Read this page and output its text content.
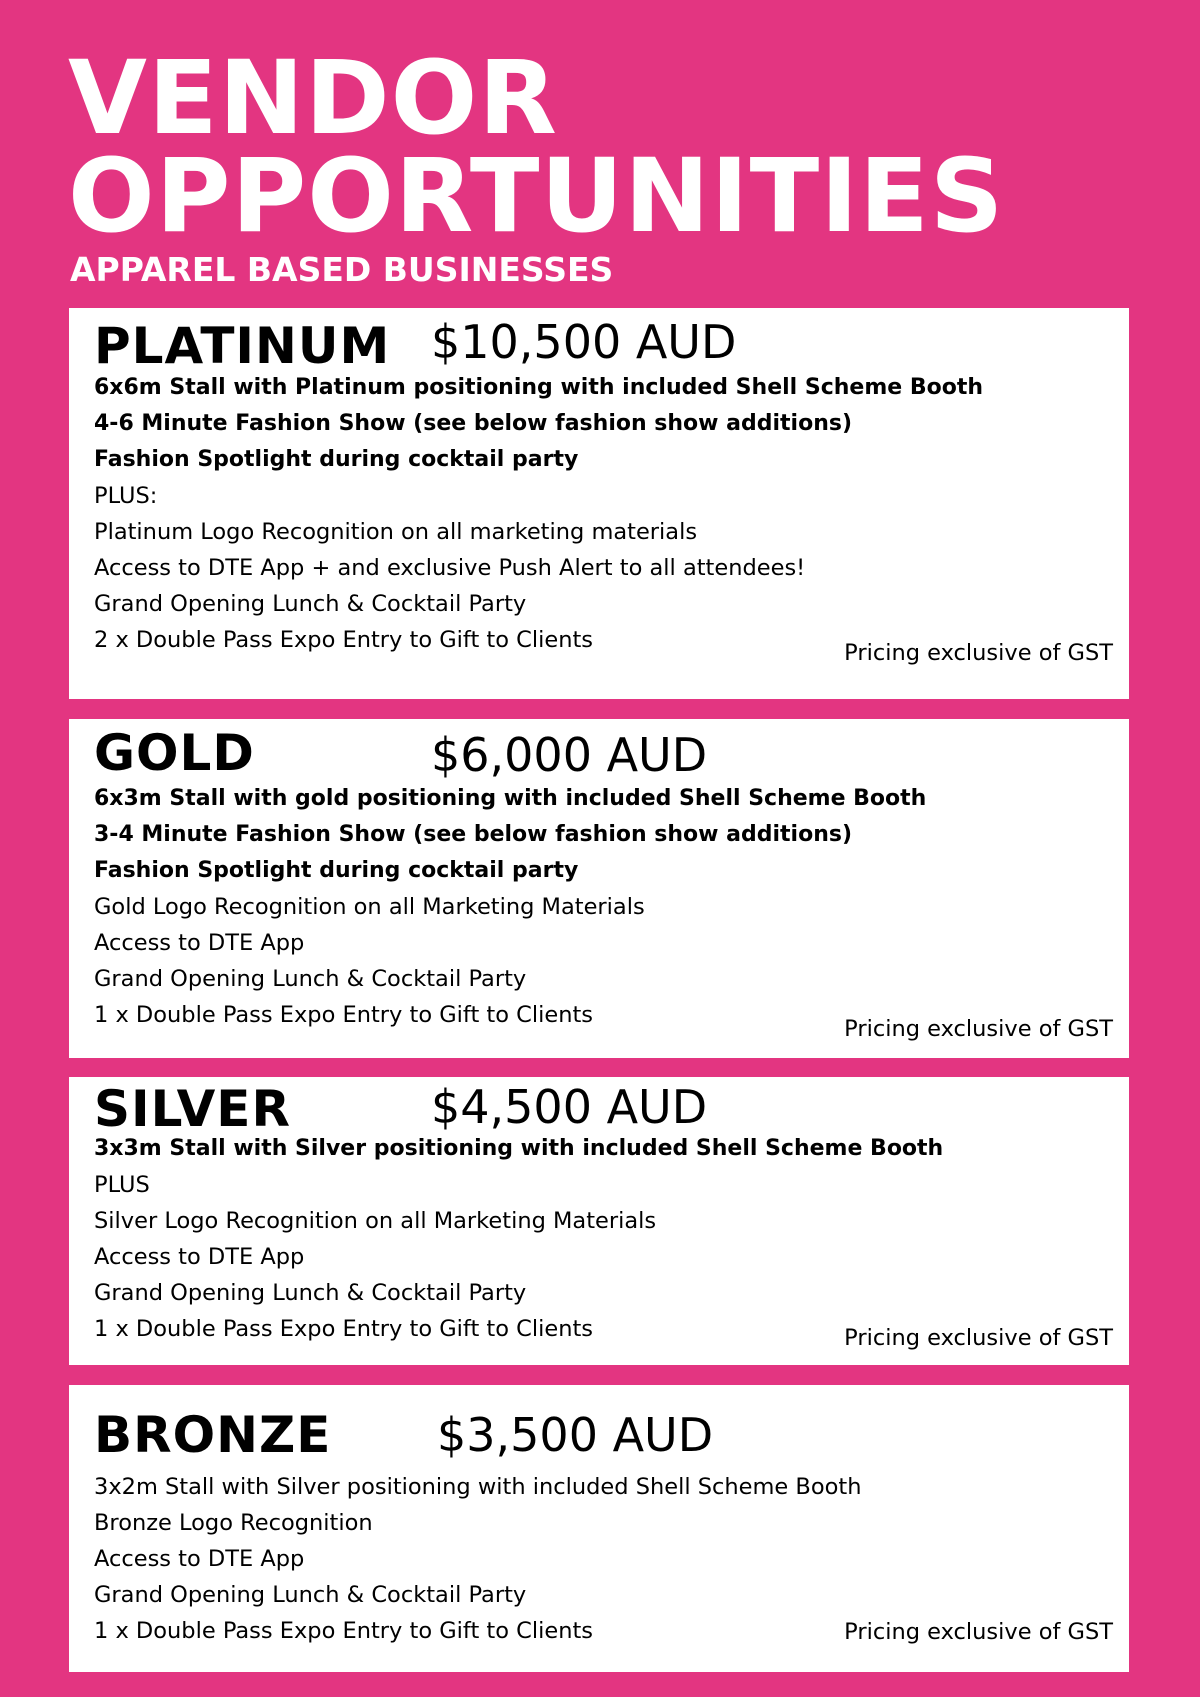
VENDOR
OPPORTUNITIES
APPAREL BASED BUSINESSES
PLATINUM $10,500 AUD
6x6m Stall with Platinum positioning with included Shell Scheme Booth
4-6 Minute Fashion Show (see below fashion show additions)
Fashion Spotlight during cocktail party
PLUS:
Platinum Logo Recognition on all marketing materials
Access to DTE App + and exclusive Push Alert to all attendees!
Grand Opening Lunch & Cocktail Party
2 x Double Pass Expo Entry to Gift to Clients	Pricing exclusive of GST
GOLD	$6,000 AUD
6x3m Stall with gold positioning with included Shell Scheme Booth
3-4 Minute Fashion Show (see below fashion show additions)
Fashion Spotlight during cocktail party
Gold Logo Recognition on all Marketing Materials
Access to DTE App
Grand Opening Lunch & Cocktail Party
1 x Double Pass Expo Entry to Gift to Clients
Pricing exclusive of GST
SILVER	$4,500 AUD
3x3m Stall with Silver positioning with included Shell Scheme Booth
PLUS
Silver Logo Recognition on all Marketing Materials
Access to DTE App
Grand Opening Lunch & Cocktail Party
1 x Double Pass Expo Entry to Gift to Clients	Pricing exclusive of GST
BRONZE $3,500 AUD
3x2m Stall with Silver positioning with included Shell Scheme Booth
Bronze Logo Recognition
Access to DTE App
Grand Opening Lunch & Cocktail Party
1 x Double Pass Expo Entry to Gift to Clients	Pricing exclusive of GST
